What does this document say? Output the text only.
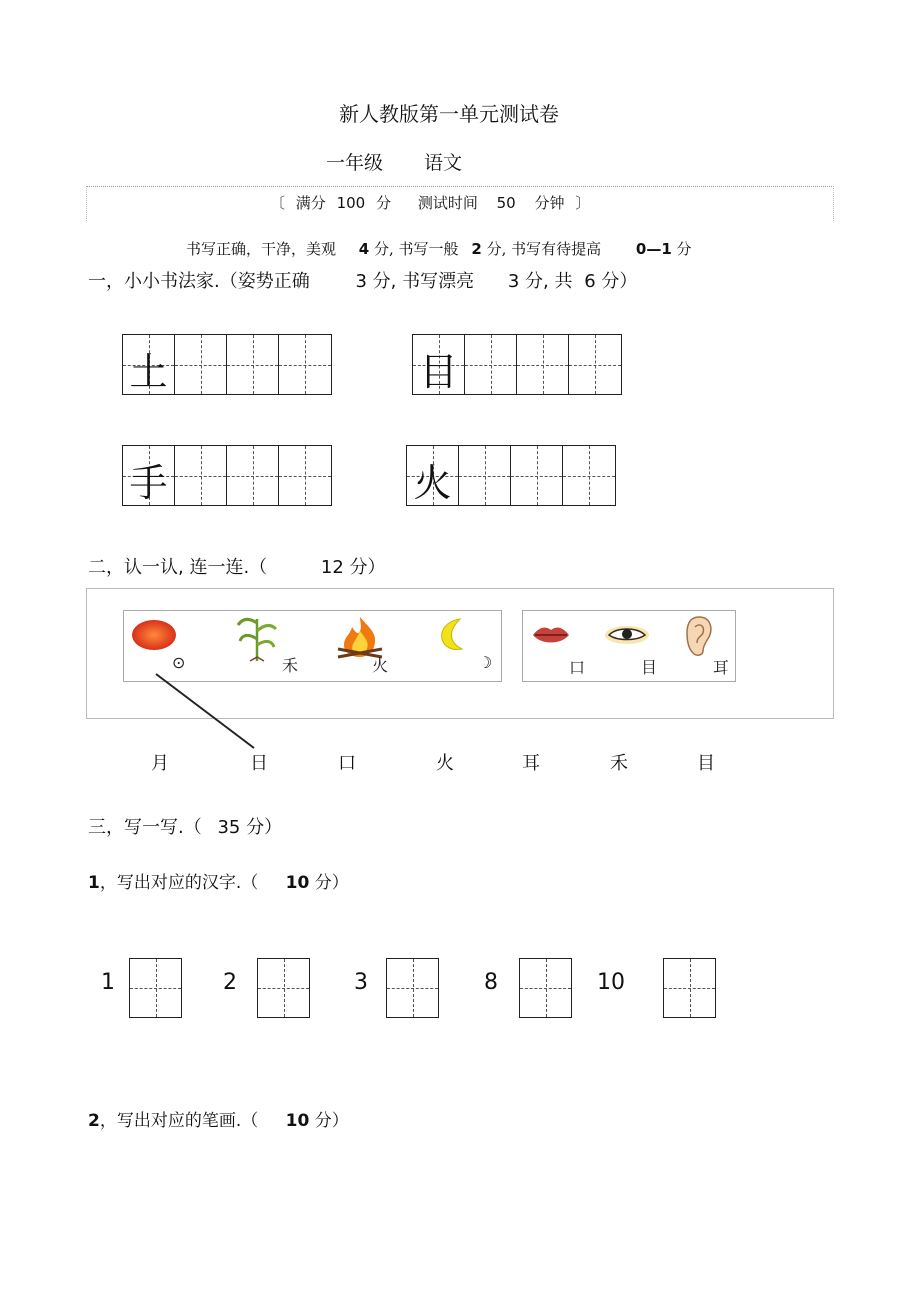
新人教版第一单元测试卷
一年级 语文
〔 满分 100 分 测试时间 50 分钟 〕
书写正确，干净，美观 4 分, 书写一般 2 分, 书写有待提高 0—1 分
一，小小书法家.（姿势正确	3 分, 书写漂亮 3 分, 共 6 分）
土	目
手	火
二，认一认, 连一连.（	12 分）
⊙	⽲	⽕	☽	⼝	⽬	⽿
月	日	口	火	耳	禾	目
三，写一写.（ 35 分）
1，写出对应的汉字.（ 10 分）
1	2	3	8	10
2，写出对应的笔画.（ 10 分）
